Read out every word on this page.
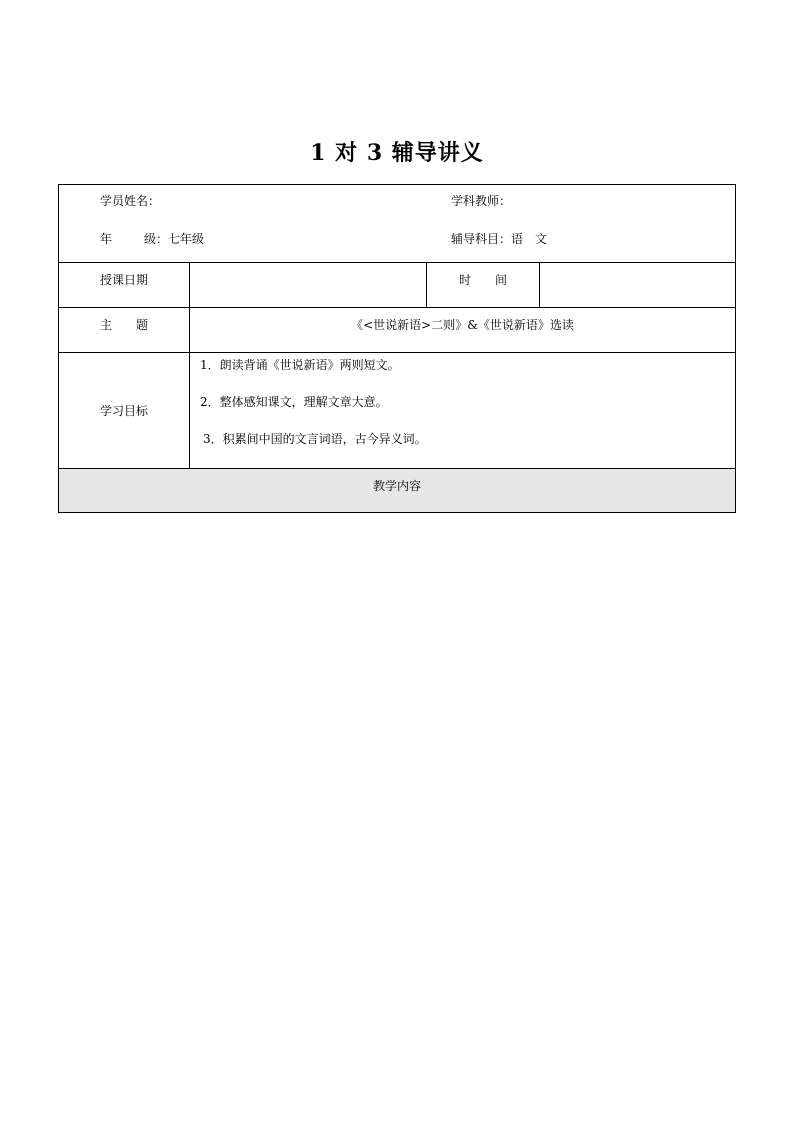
1 对 3 辅导讲义
学员姓名： 学科教师：
年 级：七年级 辅导科目：语　文			

授课日期		时　　间	
主　　题	《<世说新语>二则》&《世说新语》选读		
学习目标	1．朗读背诵《世说新语》两则短文。
2．整体感知课文，理解文章大意。
3．积累间中国的文言词语，古今异义词。		

教学内容			
